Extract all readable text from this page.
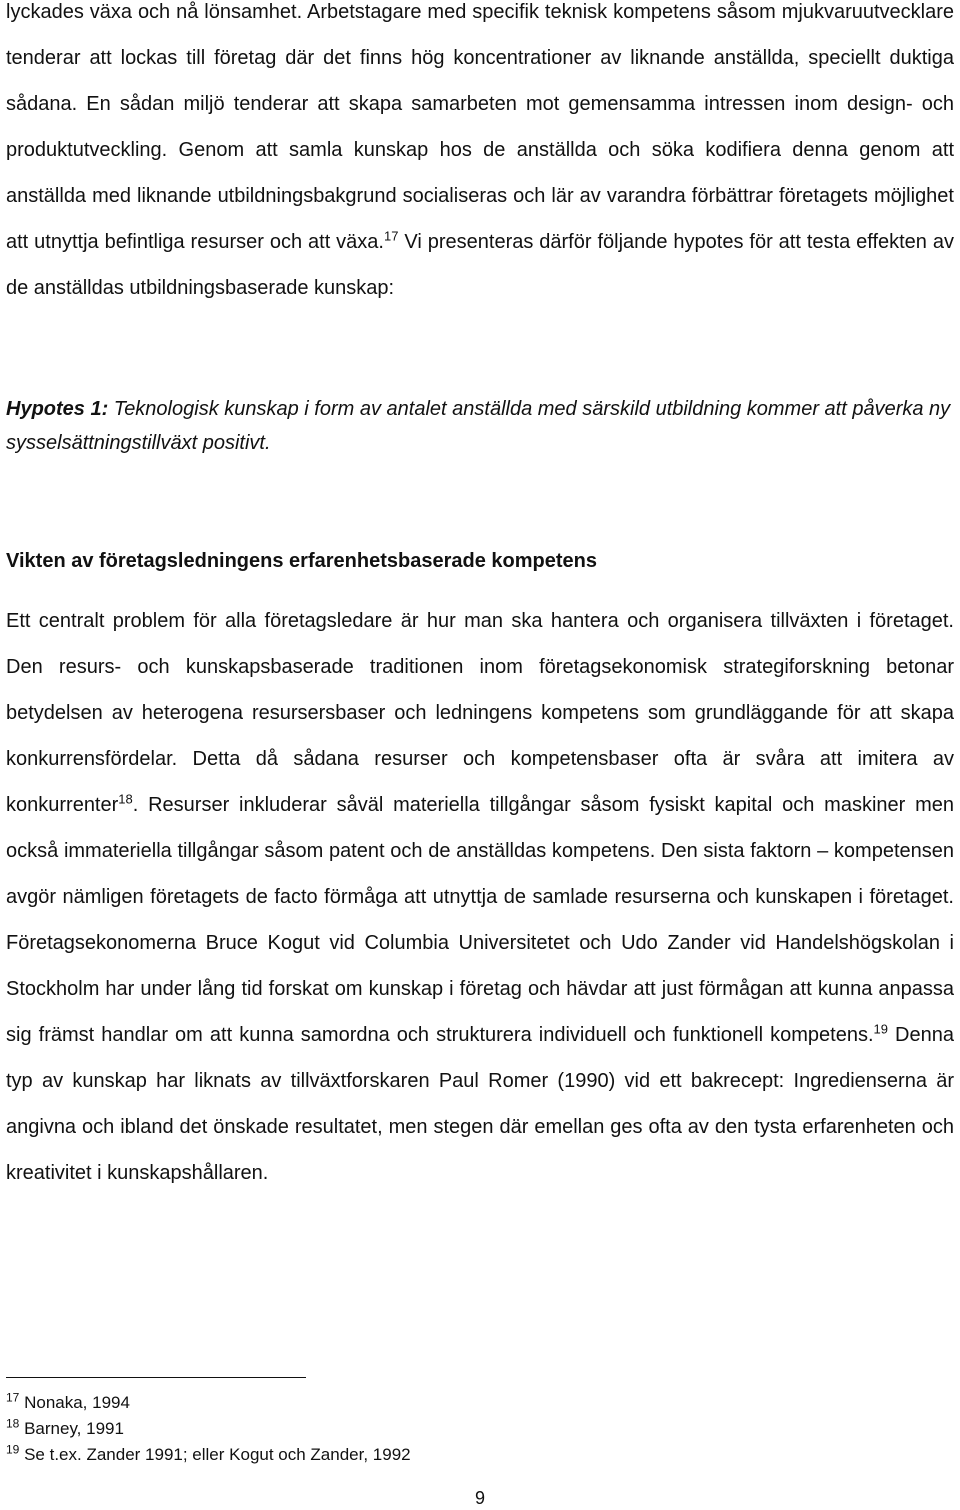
lyckades växa och nå lönsamhet. Arbetstagare med specifik teknisk kompetens såsom mjukvaruutvecklare tenderar att lockas till företag där det finns hög koncentrationer av liknande anställda, speciellt duktiga sådana. En sådan miljö tenderar att skapa samarbeten mot gemensamma intressen inom design- och produktutveckling. Genom att samla kunskap hos de anställda och söka kodifiera denna genom att anställda med liknande utbildningsbakgrund socialiseras och lär av varandra förbättrar företagets möjlighet att utnyttja befintliga resurser och att växa.$^{17}$ Vi presenteras därför följande hypotes för att testa effekten av de anställdas utbildningsbaserade kunskap:

Hypotes 1: Teknologisk kunskap i form av antalet anställda med särskild utbildning kommer att påverka ny sysselsättningstillväxt positivt.

Vikten av företagsledningens erfarenhetsbaserade kompetens

Ett centralt problem för alla företagsledare är hur man ska hantera och organisera tillväxten i företaget. Den resurs- och kunskapsbaserade traditionen inom företagsekonomisk strategiforskning betonar betydelsen av heterogena resursersbaser och ledningens kompetens som grundläggande för att skapa konkurrensfördelar. Detta då sådana resurser och kompetensbaser ofta är svåra att imitera av konkurrenter$^{18}$. Resurser inkluderar såväl materiella tillgångar såsom fysiskt kapital och maskiner men också immateriella tillgångar såsom patent och de anställdas kompetens. Den sista faktorn – kompetensen avgör nämligen företagets de facto förmåga att utnyttja de samlade resurserna och kunskapen i företaget. Företagsekonomerna Bruce Kogut vid Columbia Universitetet och Udo Zander vid Handelshögskolan i Stockholm har under lång tid forskat om kunskap i företag och hävdar att just förmågan att kunna anpassa sig främst handlar om att kunna samordna och strukturera individuell och funktionell kompetens.$^{19}$ Denna typ av kunskap har liknats av tillväxtforskaren Paul Romer (1990) vid ett bakrecept: Ingredienserna är angivna och ibland det önskade resultatet, men stegen där emellan ges ofta av den tysta erfarenheten och kreativitet i kunskapshållaren.

$^{17}$ Nonaka, 1994
$^{18}$ Barney, 1991
$^{19}$ Se t.ex. Zander 1991; eller Kogut och Zander, 1992
9
